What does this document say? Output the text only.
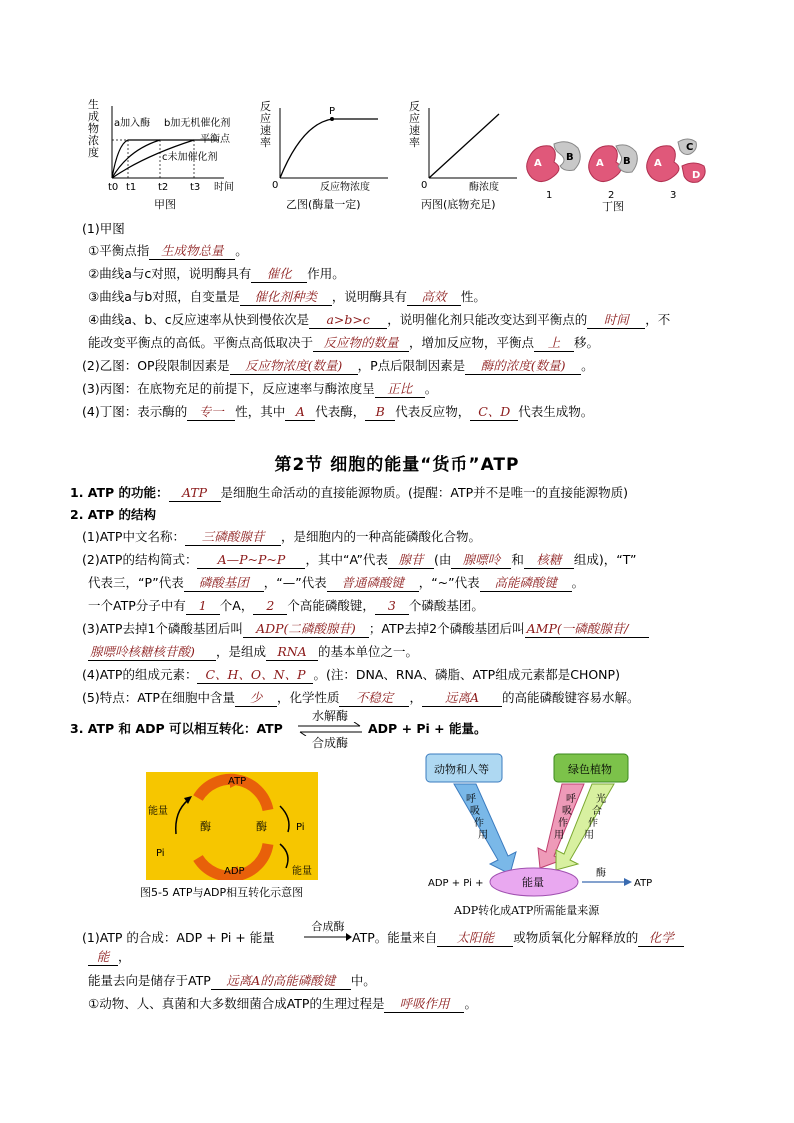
生
成
物
浓
度
a加入酶 b加无机催化剂
平衡点
c未加催化剂
t0 t1 t2 t3 时间
甲图
反
应
速
率
P
0	反应物浓度
乙图(酶量一定)
反
应
速
率
0	酶浓度
丙图(底物充足)
A
B
1
A B
2
A
C
D
3
丁图
(1)甲图
①平衡点指 生成物总量 。
②曲线a与c对照，说明酶具有 催化 作用。
③曲线a与b对照，自变量是 催化剂种类 ，说明酶具有 高效 性。
④曲线a、b、c反应速率从快到慢依次是 a>b>c ，说明催化剂只能改变达到平衡点的 时间 ，不
能改变平衡点的高低。平衡点高低取决于 反应物的数量 ，增加反应物，平衡点 上 移。
(2)乙图：OP段限制因素是 反应物浓度(数量) ，P点后限制因素是 酶的浓度(数量) 。
(3)丙图：在底物充足的前提下，反应速率与酶浓度呈 正比 。
(4)丁图：表示酶的 专一 性，其中 A 代表酶， B 代表反应物， C、D 代表生成物。
第2节 细胞的能量“货币”ATP
1. ATP 的功能： ATP 是细胞生命活动的直接能源物质。(提醒：ATP并不是唯一的直接能源物质)
2. ATP 的结构
(1)ATP中文名称： 三磷酸腺苷 ，是细胞内的一种高能磷酸化合物。
(2)ATP的结构简式： A—P~P~P ，其中“A”代表 腺苷 (由 腺嘌呤 和 核糖 组成)，“T”
代表三，“P”代表 磷酸基团 ，“—”代表 普通磷酸键 ，“~”代表 高能磷酸键 。
一个ATP分子中有 1 个A， 2 个高能磷酸键， 3 个磷酸基团。
(3)ATP去掉1个磷酸基团后叫 ADP(二磷酸腺苷) ；ATP去掉2个磷酸基团后叫 AMP(一磷酸腺苷/
腺嘌呤核糖核苷酸) ，是组成 RNA 的基本单位之一。
(4)ATP的组成元素： C、H、O、N、P 。(注：DNA、RNA、磷脂、ATP组成元素都是CHONP)
(5)特点：ATP在细胞中含量 少 ，化学性质 不稳定 ， 远离A 的高能磷酸键容易水解。
3. ATP 和 ADP 可以相互转化：ATP
水解酶
合成酶
ADP + Pi + 能量。
ATP
ADP
能量
Pi
酶	酶	Pi
能量
图5-5 ATP与ADP相互转化示意图
动物和人等	绿色植物
呼
吸
作
用
呼
吸
作
用
光
合
作
用
能量
ADP + Pi +
酶
ATP
ADP转化成ATP所需能量来源
(1)ATP 的合成：ADP + Pi + 能量
合成酶
ATP。能量来自 太阳能 或物质氧化分解释放的 化学
能 ，
能量去向是储存于ATP 远离A的高能磷酸键 中。
①动物、人、真菌和大多数细菌合成ATP的生理过程是 呼吸作用 。
